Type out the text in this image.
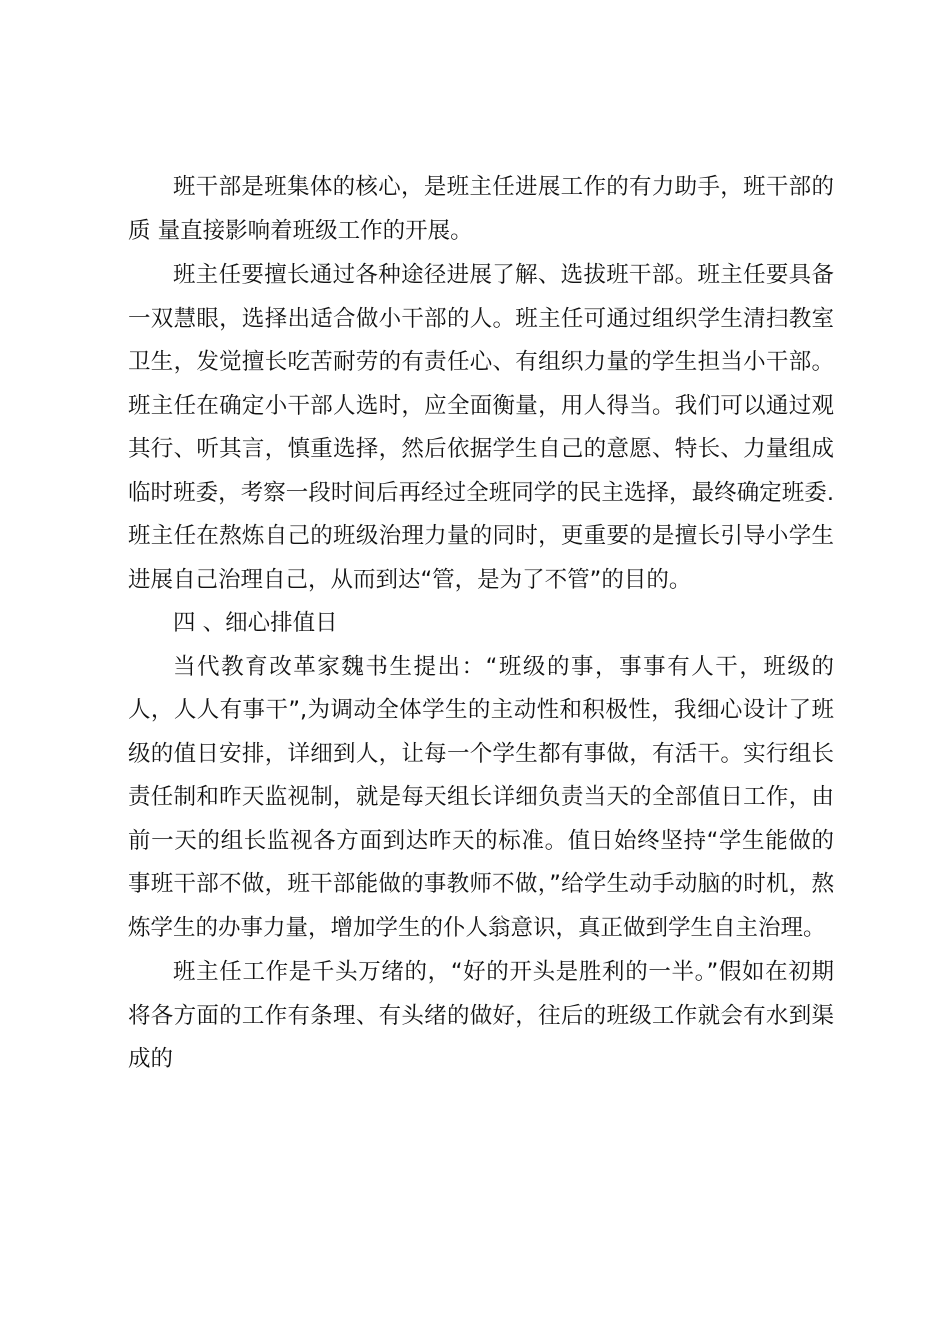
班干部是班集体的核心，是班主任进展工作的有力助手，班干部的质 量直接影响着班级工作的开展。

班主任要擅长通过各种途径进展了解、选拔班干部。班主任要具备一双慧眼，选择出适合做小干部的人。班主任可通过组织学生清扫教室卫生，发觉擅长吃苦耐劳的有责任心、有组织力量的学生担当小干部。班主任在确定小干部人选时，应全面衡量，用人得当。我们可以通过观其行、听其言，慎重选择，然后依据学生自己的意愿、特长、力量组成临时班委，考察一段时间后再经过全班同学的民主选择，最终确定班委.班主任在熬炼自己的班级治理力量的同时，更重要的是擅长引导小学生进展自己治理自己，从而到达“管，是为了不管”的目的。

四 、细心排值日

当代教育改革家魏书生提出：“班级的事，事事有人干，班级的人，人人有事干”,为调动全体学生的主动性和积极性，我细心设计了班级的值日安排，详细到人，让每一个学生都有事做，有活干。实行组长责任制和昨天监视制，就是每天组长详细负责当天的全部值日工作，由前一天的组长监视各方面到达昨天的标准。值日始终坚持“学生能做的事班干部不做，班干部能做的事教师不做，”给学生动手动脑的时机，熬炼学生的办事力量，增加学生的仆人翁意识，真正做到学生自主治理。

班主任工作是千头万绪的，“好的开头是胜利的一半。”假如在初期将各方面的工作有条理、有头绪的做好，往后的班级工作就会有水到渠成的
